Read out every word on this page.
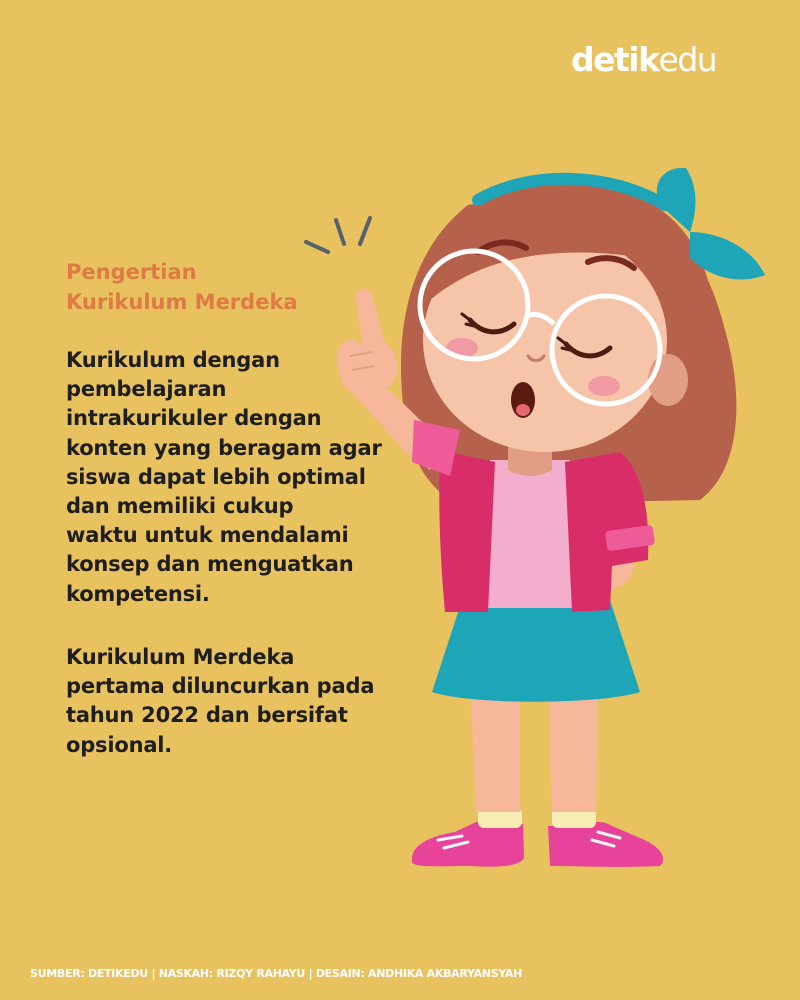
detikedu
Pengertian
Kurikulum Merdeka
Kurikulum dengan
pembelajaran
intrakurikuler dengan
konten yang beragam agar
siswa dapat lebih optimal
dan memiliki cukup
waktu untuk mendalami
konsep dan menguatkan
kompetensi.
Kurikulum Merdeka
pertama diluncurkan pada
tahun 2022 dan bersifat
opsional.
SUMBER: DETIKEDU | NASKAH: RIZQY RAHAYU | DESAIN: ANDHIKA AKBARYANSYAH
